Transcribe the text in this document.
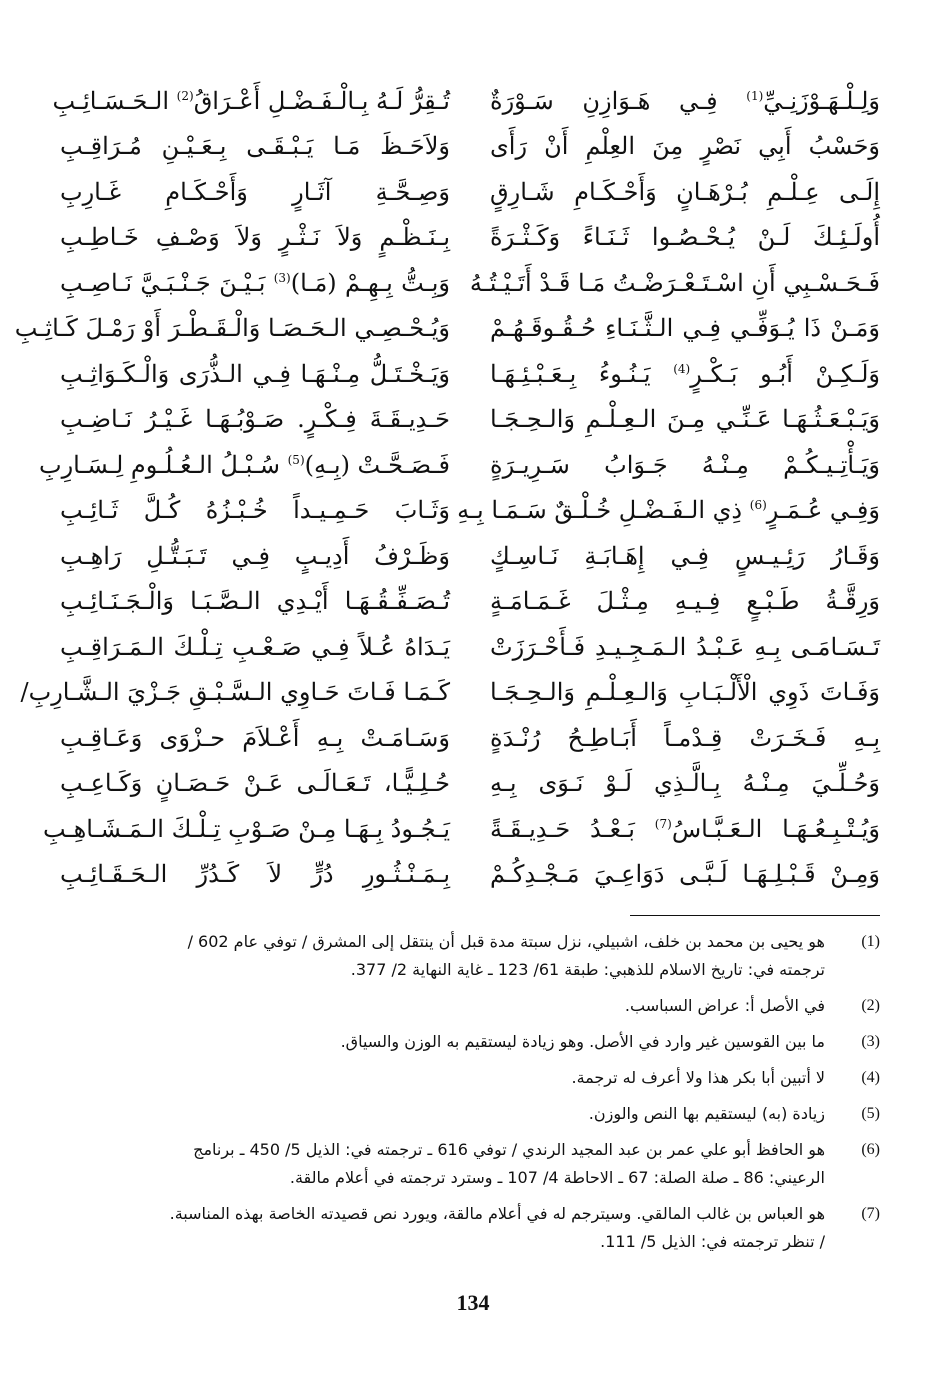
وَلِـلْـهَـوْزَنِـيِّ$^{(1)}$ فِـي هَـوَازِنِ سَـوْرَةٌ
تُـقِرُّ لَـهُ بِـالْـفَـضْـلِ أَعْـرَاقُ$^{(2)}$ الـحَـسَـائِـبِ
وَحَسْبُ أَبِي نَصْرٍ مِنَ العِلْمِ أَنْ رَأَى
وَلاَحَـظَ مَـا يَـبْـقَـى بِـعَـيْـنِ مُـرَاقِـبِ
إِلَـى عِـلْـمِ بُـرْهَـانٍ وَأَحْـكَـامِ شَـارِقٍ
وَصِـحَّـةِ آثَـارٍ وَأَحْـكَـامِ غَـارِبِ
أُولَـئِـكَ لَـنْ يُـحْـصُـوا ثَـنَـاءً وَكَـثْـرَةً
بِـنَـظْـمٍ وَلاَ نَـثْـرٍ وَلاَ وَصْـفِ خَـاطِـبِ
فَـحَـسْـبِي أَنِ اسْـتَـعْـرَضْـتُ مَـا قَـدْ أَتَـيْـتُـهُ
وَبِـتُّ بِـهِـمْ (مَـا)$^{(3)}$ بَـيْـنَ جَـنْـبَـيَّ نَـاصِـبِ
وَمَـنْ ذَا يُـوَفِّـي فِـي الـثَّـنَـاءِ حُـقُـوقَـهُـمْ
وَيُـحْـصِـي الـحَـصَـا وَالْـقَـطْـرَ أَوْ رَمْـلَ كَـاثِـبِ
وَلَـكِـنْ أَبُـو بَـكْـرٍ$^{(4)}$ يَـنُـوءُ بِـعَـبْـئِـهَـا
وَيَـخْـتَـلُّ مِـنْـهَـا فِـي الـذُّرَى وَالْـكَـوَاثِـبِ
وَيَـبْـعَـثُـهَـا عَـنِّـي مِـنَ الـعِـلْـمِ وَالـحِـجَـا
حَـدِيـقَـةَ فِـكْـرٍ. صَـوْبُـهَـا غَـيْـرُ نَـاضِـبِ
وَيَـأْتِـيـكُـمْ مِـنْـهُ جَـوَابُ سَـرِيـرَةٍ
فَـصَـحَّـتْ (بِـهِ)$^{(5)}$ سُـبْـلُ الـعُـلُـومِ لِـسَـارِبِ
وَفِـي عُـمَـرٍ$^{(6)}$ ذِي الـفَـضْـلِ خُـلْـقٌ سَـمَـا بِـهِ
وَثَـابَ حَـمِـيـداً خُـبْـزُهُ كُـلَّ ثَـائِـبِ
وَقَـارُ رَئِـيـسٍ فِـي إِهَـابَـةِ نَـاسِـكٍ
وَظَـرْفُ أَدِيـبٍ فِـي تَـبَـتُّـلِ رَاهِـبِ
وَرِقَّـةُ طَـبْـعٍ فِـيـهِ مِـثْـلَ غَـمَـامَـةٍ
تُـصَـفِّـقُـهَـا أَيْـدِي الـصَّـبَـا وَالْـجَـنَـائِـبِ
تَـسَـامَـى بِـهِ عَـبْـدُ الـمَـجِـيـدِ فَـأَحْـرَزَتْ
يَـدَاهُ عُـلاً فِـي صَـعْـبِ تِـلْـكَ الـمَـرَاقِـبِ
وَفَـاتَ ذَوِي الْأَلْـبَـابِ وَالـعِـلْـمِ وَالـحِـجَـا
كَـمَـا فَـاتَ حَـاوِي الـسَّـبْـقِ جَـزْيَ الـشَّـارِبِ/
بِـهِ فَـخَـرَتْ قِـدْمـاً أَبَـاطِـحُ رُنْـدَةٍ
وَسَـامَـتْ بِـهِ أَعْـلاَمَ حـزْوَى وَعَـاقِـبِ
وَحُـلِّـيَ مِـنْـهُ بِـالَّـذِي لَـوْ نَـوَى بِـهِ
حُـلِـيًّـا، تَـعَـالَـى عَـنْ حَـصَـانٍ وَكَـاعِـبِ
وَيُـتْـبِـعُـهَـا الـعَـبَّـاسُ$^{(7)}$ بَـعْـدُ حَـدِيـقَـةً
يَـجُـودُ بِـهَـا مِـنْ صَـوْبِ تِـلْـكَ الـمَـشَـاهِـبِ
وَمِـنْ قَـبْـلِـهَـا لَـبَّـى دَوَاعِـيَ مَـجْـدِكُـمْ
بِـمَـنْـثُـورِ دُرٍّ لاَ كَـدُرِّ الـحَـقَـائِـبِ
(1)
هو يحيى بن محمد بن خلف، اشبيلي، نزل سبتة مدة قبل أن ينتقل إلى المشرق / توفي عام 602 /
ترجمته في: تاريخ الاسلام للذهبي: طبقة 61/ 123 ـ غاية النهاية 2/ 377.
(2)
في الأصل أ: عراض السباسب.
(3)
ما بين القوسين غير وارد في الأصل. وهو زيادة ليستقيم به الوزن والسياق.
(4)
لا أتبين أبا بكر هذا ولا أعرف له ترجمة.
(5)
زيادة (به) ليستقيم بها النص والوزن.
(6)
هو الحافظ أبو علي عمر بن عبد المجيد الرندي / توفي 616 ـ ترجمته في: الذيل 5/ 450 ـ برنامج
الرعيني: 86 ـ صلة الصلة: 67 ـ الاحاطة 4/ 107 ـ وسترد ترجمته في أعلام مالقة.
(7)
هو العباس بن غالب المالقي. وسيترجم له في أعلام مالقة، ويورد نص قصيدته الخاصة بهذه المناسبة.
/ تنظر ترجمته في: الذيل 5/ 111.
134
